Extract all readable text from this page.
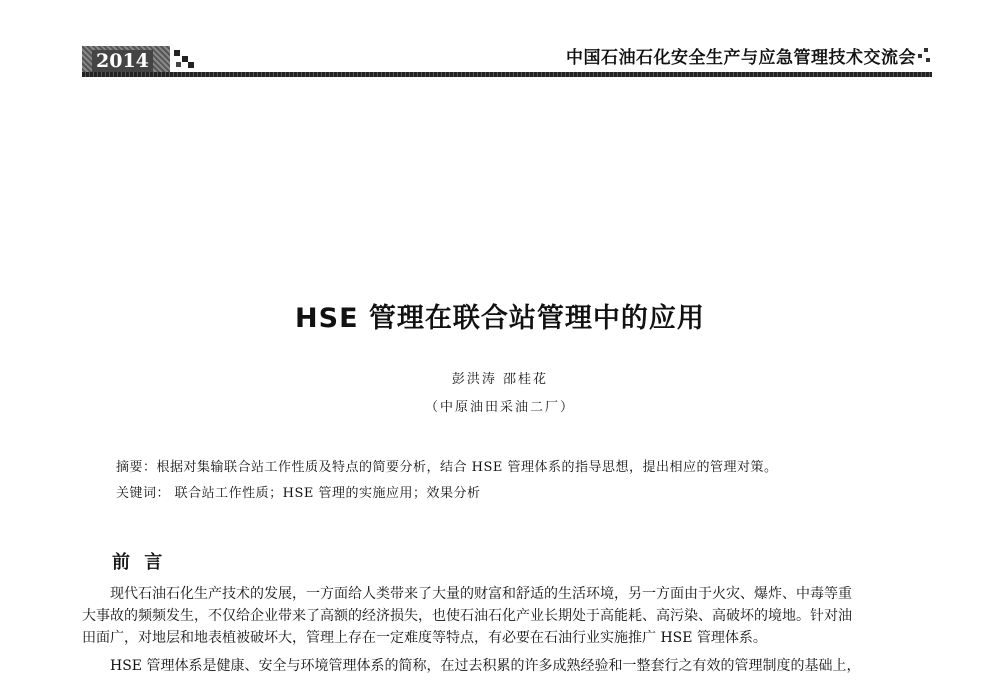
2014	中国石油石化安全生产与应急管理技术交流会
HSE 管理在联合站管理中的应用
彭洪涛 邵桂花
（中原油田采油二厂）
摘要：根据对集输联合站工作性质及特点的简要分析，结合 HSE 管理体系的指导思想，提出相应的管理对策。
关键词： 联合站工作性质；HSE 管理的实施应用；效果分析
前 言
现代石油石化生产技术的发展，一方面给人类带来了大量的财富和舒适的生活环境，另一方面由于火灾、爆炸、中毒等重
大事故的频频发生，不仅给企业带来了高额的经济损失，也使石油石化产业长期处于高能耗、高污染、高破坏的境地。针对油
田面广，对地层和地表植被破坏大，管理上存在一定难度等特点，有必要在石油行业实施推广 HSE 管理体系。
HSE 管理体系是健康、安全与环境管理体系的简称，在过去积累的许多成熟经验和一整套行之有效的管理制度的基础上，
